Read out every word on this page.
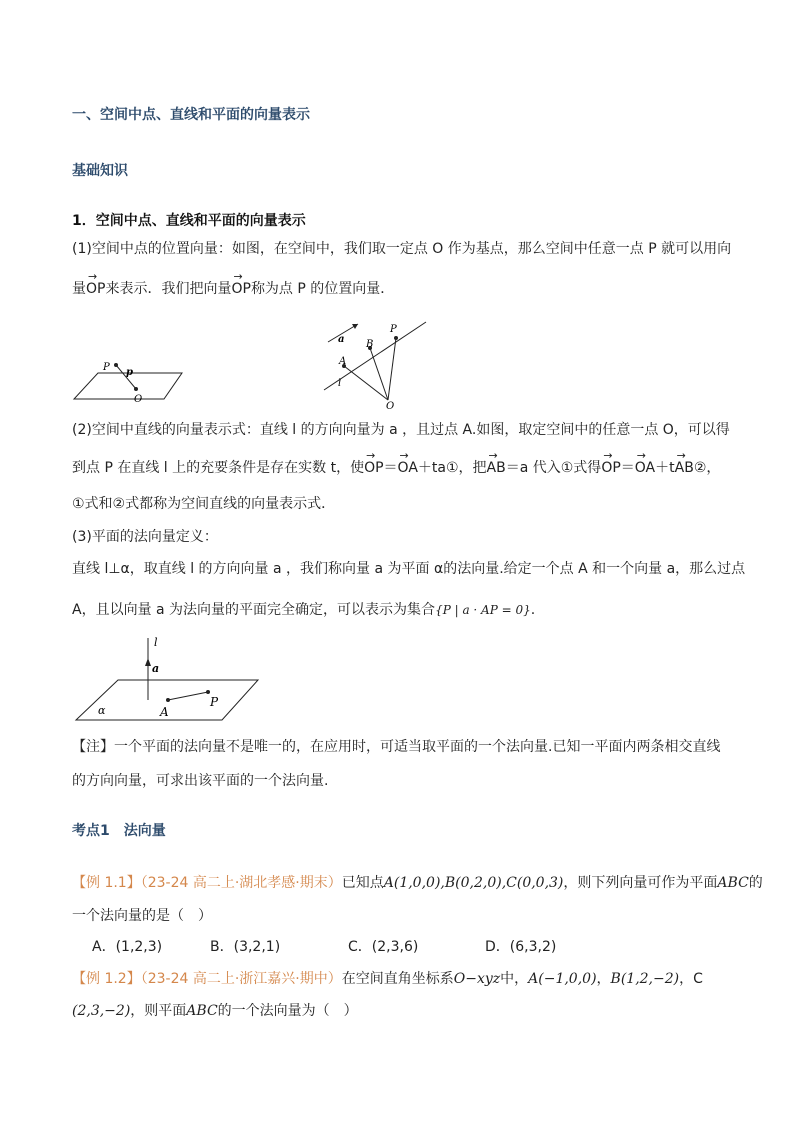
一、空间中点、直线和平面的向量表示
基础知识
1．空间中点、直线和平面的向量表示
(1)空间中点的位置向量：如图，在空间中，我们取一定点 O 作为基点，那么空间中任意一点 P 就可以用向
量→ OP来表示．我们把向量→ OP称为点 P 的位置向量．
P p
O
a
P
B
A
l
O
(2)空间中直线的向量表示式：直线 l 的方向向量为 a ，且过点 A.如图，取定空间中的任意一点 O，可以得
到点 P 在直线 l 上的充要条件是存在实数 t，使→ OP＝→ OA＋ta①，把→ AB＝a 代入①式得→ OP＝→ OA＋t→ AB②，
①式和②式都称为空间直线的向量表示式．
(3)平面的法向量定义：
直线 l⊥α，取直线 l 的方向向量 a ，我们称向量 a 为平面 α的法向量.给定一个点 A 和一个向量 a，那么过点
A，且以向量 a 为法向量的平面完全确定，可以表示为集合{P | a · AP = 0}.
l
a
α	A
P
【注】一个平面的法向量不是唯一的，在应用时，可适当取平面的一个法向量.已知一平面内两条相交直线
的方向向量，可求出该平面的一个法向量.
考点1　法向量
【例 1.1】（23-24 高二上·湖北孝感·期末）已知点A(1,0,0),B(0,2,0),C(0,0,3)，则下列向量可作为平面ABC的
一个法向量的是（　）
A．(1,2,3)	B．(3,2,1)	C．(2,3,6)	D．(6,3,2)
【例 1.2】（23-24 高二上·浙江嘉兴·期中）在空间直角坐标系O−xyz中，A(−1,0,0)，B(1,2,−2)，C
(2,3,−2)，则平面ABC的一个法向量为（　）
